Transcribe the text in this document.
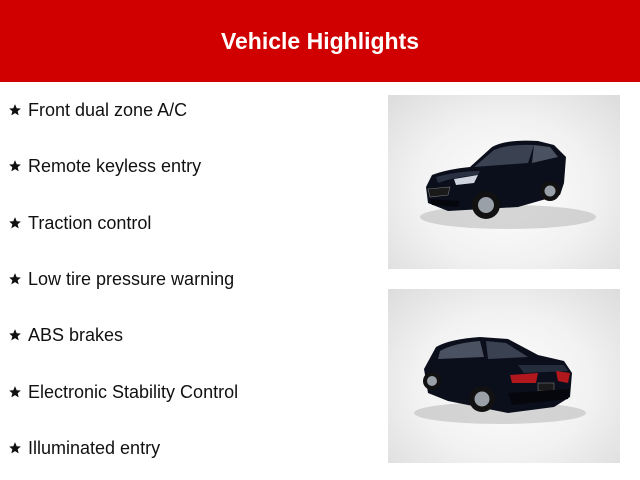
Vehicle Highlights
Front dual zone A/C
Remote keyless entry
Traction control
Low tire pressure warning
ABS brakes
Electronic Stability Control
Illuminated entry
